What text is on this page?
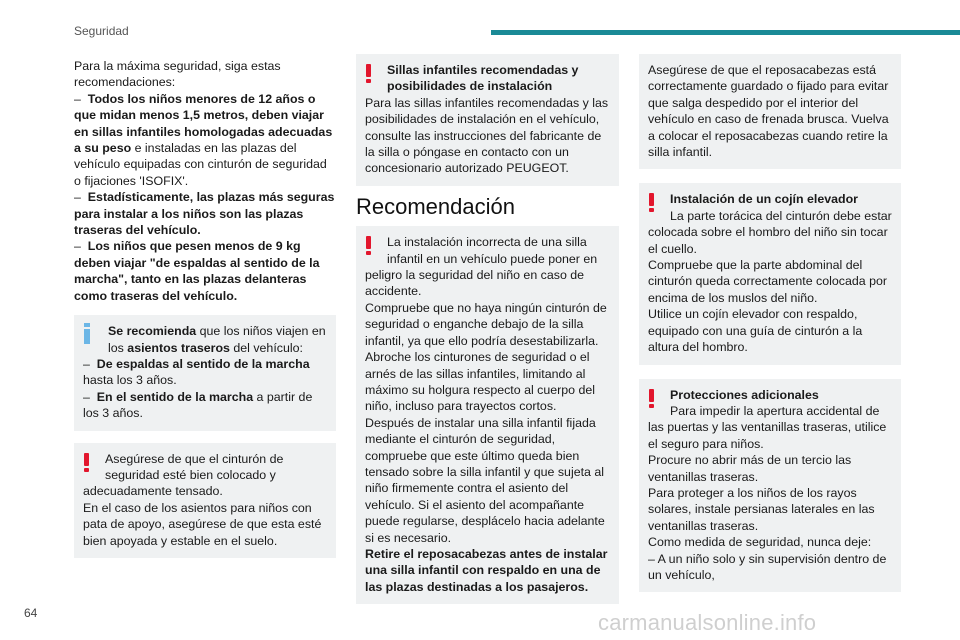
Seguridad

Para la máxima seguridad, siga estas recomendaciones:

– Todos los niños menores de 12 años o que midan menos 1,5 metros, deben viajar en sillas infantiles homologadas adecuadas a su peso e instaladas en las plazas del vehículo equipadas con cinturón de seguridad o fijaciones 'ISOFIX'.

– Estadísticamente, las plazas más seguras para instalar a los niños son las plazas traseras del vehículo.

– Los niños que pesen menos de 9 kg deben viajar "de espaldas al sentido de la marcha", tanto en las plazas delanteras como traseras del vehículo.

Se recomienda que los niños viajen en

los asientos traseros del vehículo:

– De espaldas al sentido de la marcha hasta los 3 años.

– En el sentido de la marcha a partir de los 3 años.

Asegúrese de que el cinturón de seguridad esté bien colocado y

adecuadamente tensado.

En el caso de los asientos para niños con pata de apoyo, asegúrese de que esta esté bien apoyada y estable en el suelo.

Sillas infantiles recomendadas y posibilidades de instalación

Para las sillas infantiles recomendadas y las posibilidades de instalación en el vehículo, consulte las instrucciones del fabricante de la silla o póngase en contacto con un concesionario autorizado PEUGEOT.

Recomendación

La instalación incorrecta de una silla infantil en un vehículo puede poner en

peligro la seguridad del niño en caso de accidente.

Compruebe que no haya ningún cinturón de seguridad o enganche debajo de la silla infantil, ya que ello podría desestabilizarla.

Abroche los cinturones de seguridad o el arnés de las sillas infantiles, limitando al máximo su holgura respecto al cuerpo del niño, incluso para trayectos cortos.

Después de instalar una silla infantil fijada mediante el cinturón de seguridad, compruebe que este último queda bien tensado sobre la silla infantil y que sujeta al niño firmemente contra el asiento del vehículo. Si el asiento del acompañante puede regularse, desplácelo hacia adelante si es necesario.

Retire el reposacabezas antes de instalar una silla infantil con respaldo en una de las plazas destinadas a los pasajeros.

Asegúrese de que el reposacabezas está correctamente guardado o fijado para evitar que salga despedido por el interior del vehículo en caso de frenada brusca. Vuelva a colocar el reposacabezas cuando retire la silla infantil.

Instalación de un cojín elevador

La parte torácica del cinturón debe estar

colocada sobre el hombro del niño sin tocar el cuello.

Compruebe que la parte abdominal del cinturón queda correctamente colocada por encima de los muslos del niño.

Utilice un cojín elevador con respaldo, equipado con una guía de cinturón a la altura del hombro.

Protecciones adicionales

Para impedir la apertura accidental de

las puertas y las ventanillas traseras, utilice el seguro para niños.

Procure no abrir más de un tercio las ventanillas traseras.

Para proteger a los niños de los rayos solares, instale persianas laterales en las ventanillas traseras.

Como medida de seguridad, nunca deje:

– A un niño solo y sin supervisión dentro de un vehículo,

64	carmanualsonline.info
